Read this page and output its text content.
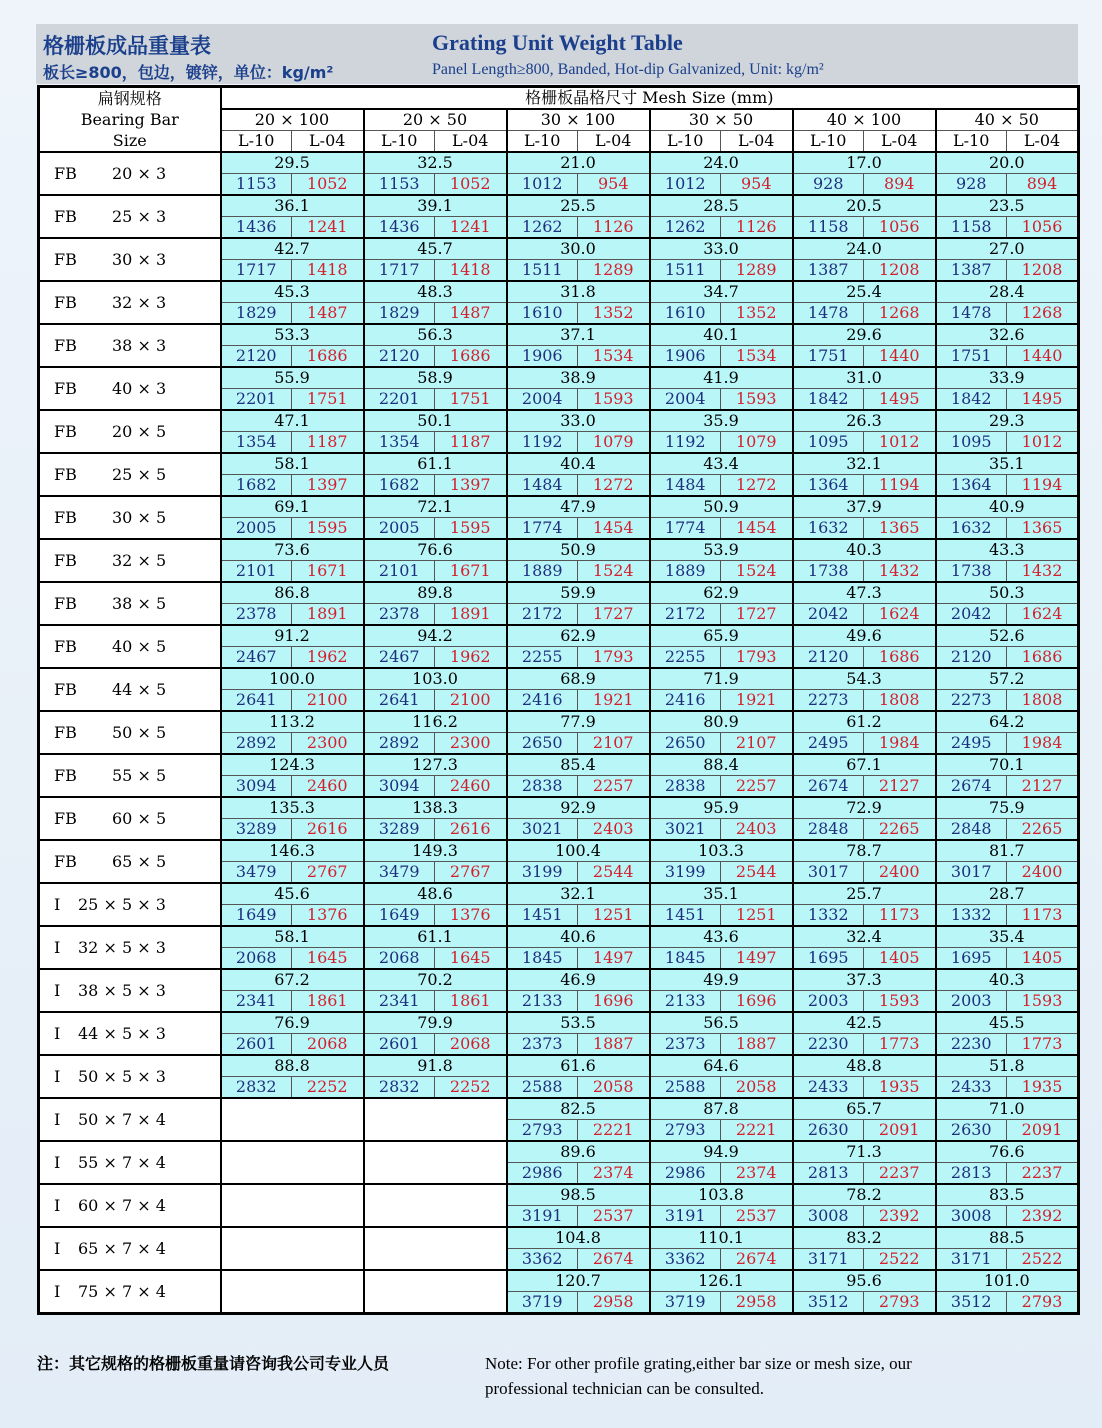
格栅板成品重量表
板长≥800，包边，镀锌，单位：kg/m²
Grating Unit Weight Table
Panel Length≥800, Banded, Hot-dip Galvanized, Unit: kg/m²
扁钢规格
Bearing Bar
Size	格栅板晶格尺寸 Mesh Size (mm)											
	20 × 100		20 × 50		30 × 100		30 × 50		40 × 100		40 × 50	
	L-10	L-04	L-10	L-04	L-10	L-04	L-10	L-04	L-10	L-04	L-10	L-04
FB 20 × 3	29.5		32.5		21.0		24.0		17.0		20.0	
	1153	1052	1153	1052	1012	954	1012	954	928	894	928	894
FB 25 × 3	36.1		39.1		25.5		28.5		20.5		23.5	
	1436	1241	1436	1241	1262	1126	1262	1126	1158	1056	1158	1056
FB 30 × 3	42.7		45.7		30.0		33.0		24.0		27.0	
	1717	1418	1717	1418	1511	1289	1511	1289	1387	1208	1387	1208
FB 32 × 3	45.3		48.3		31.8		34.7		25.4		28.4	
	1829	1487	1829	1487	1610	1352	1610	1352	1478	1268	1478	1268
FB 38 × 3	53.3		56.3		37.1		40.1		29.6		32.6	
	2120	1686	2120	1686	1906	1534	1906	1534	1751	1440	1751	1440
FB 40 × 3	55.9		58.9		38.9		41.9		31.0		33.9	
	2201	1751	2201	1751	2004	1593	2004	1593	1842	1495	1842	1495
FB 20 × 5	47.1		50.1		33.0		35.9		26.3		29.3	
	1354	1187	1354	1187	1192	1079	1192	1079	1095	1012	1095	1012
FB 25 × 5	58.1		61.1		40.4		43.4		32.1		35.1	
	1682	1397	1682	1397	1484	1272	1484	1272	1364	1194	1364	1194
FB 30 × 5	69.1		72.1		47.9		50.9		37.9		40.9	
	2005	1595	2005	1595	1774	1454	1774	1454	1632	1365	1632	1365
FB 32 × 5	73.6		76.6		50.9		53.9		40.3		43.3	
	2101	1671	2101	1671	1889	1524	1889	1524	1738	1432	1738	1432
FB 38 × 5	86.8		89.8		59.9		62.9		47.3		50.3	
	2378	1891	2378	1891	2172	1727	2172	1727	2042	1624	2042	1624
FB 40 × 5	91.2		94.2		62.9		65.9		49.6		52.6	
	2467	1962	2467	1962	2255	1793	2255	1793	2120	1686	2120	1686
FB 44 × 5	100.0		103.0		68.9		71.9		54.3		57.2	
	2641	2100	2641	2100	2416	1921	2416	1921	2273	1808	2273	1808
FB 50 × 5	113.2		116.2		77.9		80.9		61.2		64.2	
	2892	2300	2892	2300	2650	2107	2650	2107	2495	1984	2495	1984
FB 55 × 5	124.3		127.3		85.4		88.4		67.1		70.1	
	3094	2460	3094	2460	2838	2257	2838	2257	2674	2127	2674	2127
FB 60 × 5	135.3		138.3		92.9		95.9		72.9		75.9	
	3289	2616	3289	2616	3021	2403	3021	2403	2848	2265	2848	2265
FB 65 × 5	146.3		149.3		100.4		103.3		78.7		81.7	
	3479	2767	3479	2767	3199	2544	3199	2544	3017	2400	3017	2400
I 25 × 5 × 3	45.6		48.6		32.1		35.1		25.7		28.7	
	1649	1376	1649	1376	1451	1251	1451	1251	1332	1173	1332	1173
I 32 × 5 × 3	58.1		61.1		40.6		43.6		32.4		35.4	
	2068	1645	2068	1645	1845	1497	1845	1497	1695	1405	1695	1405
I 38 × 5 × 3	67.2		70.2		46.9		49.9		37.3		40.3	
	2341	1861	2341	1861	2133	1696	2133	1696	2003	1593	2003	1593
I 44 × 5 × 3	76.9		79.9		53.5		56.5		42.5		45.5	
	2601	2068	2601	2068	2373	1887	2373	1887	2230	1773	2230	1773
I 50 × 5 × 3	88.8		91.8		61.6		64.6		48.8		51.8	
	2832	2252	2832	2252	2588	2058	2588	2058	2433	1935	2433	1935
I 50 × 7 × 4					82.5		87.8		65.7		71.0	
					2793	2221	2793	2221	2630	2091	2630	2091
I 55 × 7 × 4					89.6		94.9		71.3		76.6	
					2986	2374	2986	2374	2813	2237	2813	2237
I 60 × 7 × 4					98.5		103.8		78.2		83.5	
					3191	2537	3191	2537	3008	2392	3008	2392
I 65 × 7 × 4					104.8		110.1		83.2		88.5	
					3362	2674	3362	2674	3171	2522	3171	2522
I 75 × 7 × 4					120.7		126.1		95.6		101.0	
					3719	2958	3719	2958	3512	2793	3512	2793
注：其它规格的格栅板重量请咨询我公司专业人员	Note: For other profile grating,either bar size or mesh size, our professional technician can be consulted.
